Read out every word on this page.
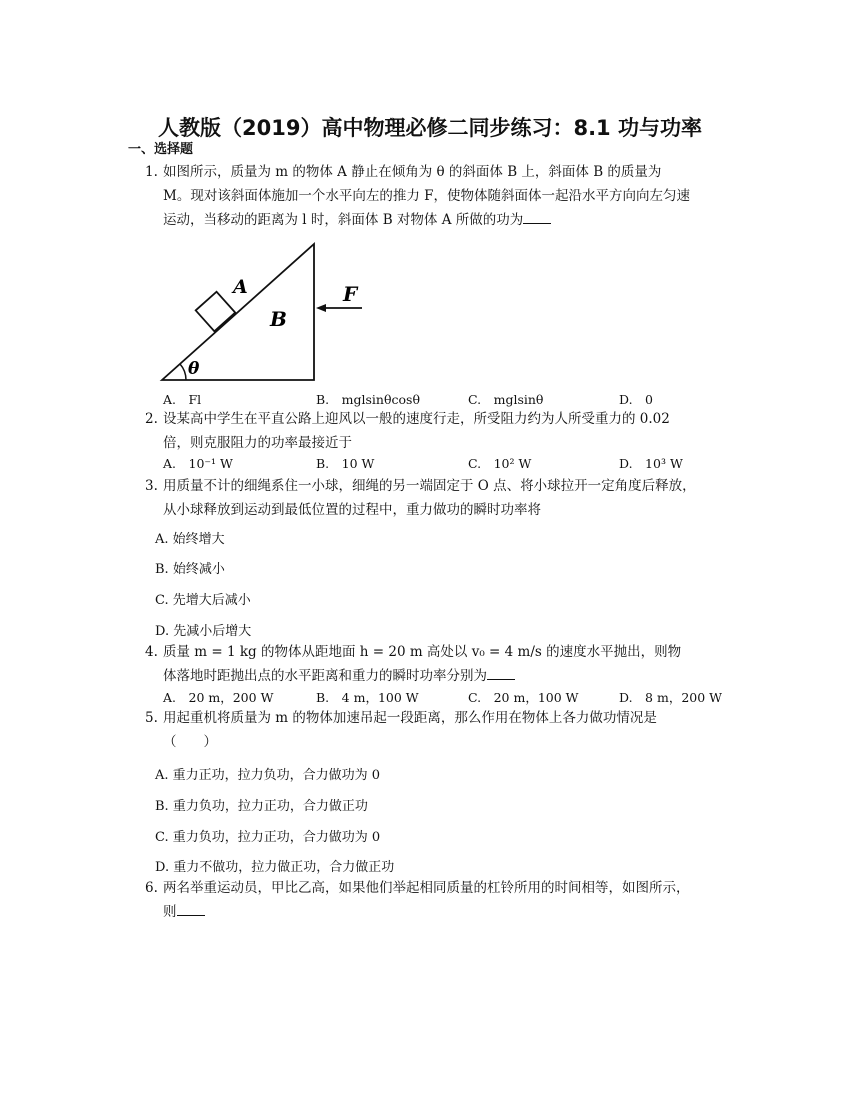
人教版（2019）高中物理必修二同步练习：8.1 功与功率
一、选择题
1. 如图所示，质量为 m 的物体 A 静止在倾角为 θ 的斜面体 B 上，斜面体 B 的质量为
M。现对该斜面体施加一个水平向左的推力 F，使物体随斜面体一起沿水平方向向左匀速
运动，当移动的距离为 l 时，斜面体 B 对物体 A 所做的功为
A
B
F
θ
A.　Fl	B.　mglsinθcosθ	C.　mglsinθ	D.　0
2. 设某高中学生在平直公路上迎风以一般的速度行走，所受阻力约为人所受重力的 0.02
倍，则克服阻力的功率最接近于
A.　10⁻¹ W	B.　10 W	C.　10² W	D.　10³ W
3. 用质量不计的细绳系住一小球，细绳的另一端固定于 O 点、将小球拉开一定角度后释放，
从小球释放到运动到最低位置的过程中，重力做功的瞬时功率将
A. 始终增大
B. 始终减小
C. 先增大后减小
D. 先减小后增大
4. 质量 m = 1 kg 的物体从距地面 h = 20 m 高处以 v₀ = 4 m/s 的速度水平抛出，则物
体落地时距抛出点的水平距离和重力的瞬时功率分别为
A.　20 m，200 W	B.　4 m，100 W	C.　20 m，100 W	D.　8 m，200 W
5. 用起重机将质量为 m 的物体加速吊起一段距离，那么作用在物体上各力做功情况是
（　　）
A. 重力正功，拉力负功，合力做功为 0
B. 重力负功，拉力正功，合力做正功
C. 重力负功，拉力正功，合力做功为 0
D. 重力不做功，拉力做正功，合力做正功
6. 两名举重运动员，甲比乙高，如果他们举起相同质量的杠铃所用的时间相等，如图所示，
则
